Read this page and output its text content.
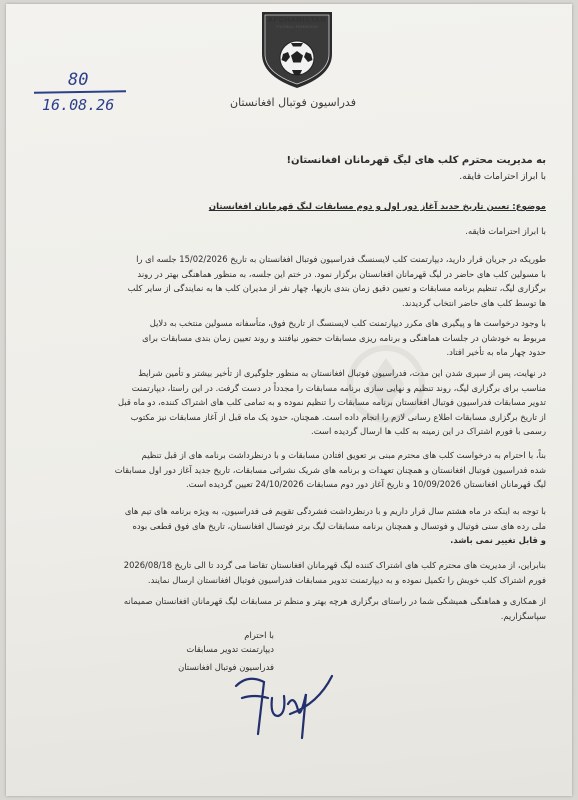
AFGHANISTAN
FOOTBALL FEDERATION
80
16.08.26	فدراسیون فوتبال افغانستان
به مدیریت محترم کلب های لیگ قهرمانان افغانستان!
با ابراز احترامات فایقه.
موضوع: تعیین تاریخ جدید آغاز دور اول و دوم مسابقات لیگ قهرمانان افغانستان
با ابراز احترامات فایقه.
طوریکه در جریان قرار دارید، دیپارتمنت کلب لایسنسگ فدراسیون فوتبال افغانستان به تاریخ 15/02/2026 جلسه ای را
با مسولین کلب های حاضر در لیگ قهرمانان افغانستان برگزار نمود. در ختم این جلسه، به منظور هماهنگی بهتر در روند
برگزاری لیگ، تنظیم برنامه مسابقات و تعیین دقیق زمان بندی بازیها، چهار نفر از مدیران کلب ها به نمایندگی از سایر کلب
ها توسط کلب های حاضر انتخاب گردیدند.
با وجود درخواست ها و پیگیری های مکرر دیپارتمنت کلب لایسنسگ از تاریخ فوق، متأسفانه مسولین منتخب به دلایل
مربوط به خودشان در جلسات هماهنگی و برنامه ریزی مسابقات حضور نیافتند و روند تعیین زمان بندی مسابقات برای
حدود چهار ماه به تأخیر افتاد.
در نهایت، پس از سپری شدن این مدت، فدراسیون فوتبال افغانستان به منظور جلوگیری از تأخیر بیشتر و تأمین شرایط
مناسب برای برگزاری لیگ، روند تنظیم و نهایی سازی برنامه مسابقات را مجدداً در دست گرفت. در این راستا، دیپارتمنت
تدویر مسابقات فدراسیون فوتبال افغانستان برنامه مسابقات را تنظیم نموده و به تمامی کلب های اشتراک کننده، دو ماه قبل
از تاریخ برگزاری مسابقات اطلاع رسانی لازم را انجام داده است. همچنان، حدود یک ماه قبل از آغاز مسابقات نیز مکتوب
رسمی با فورم اشتراک در این زمینه به کلب ها ارسال گردیده است.
بناً، با احترام به درخواست کلب های محترم مبنی بر تعویق افتادن مسابقات و با درنظرداشت برنامه های از قبل تنظیم
شده فدراسیون فوتبال افغانستان و همچنان تعهدات و برنامه های شریک نشراتی مسابقات، تاریخ جدید آغاز دور اول مسابقات
لیگ قهرمانان افغانستان 10/09/2026 و تاریخ آغاز دور دوم مسابقات 24/10/2026 تعیین گردیده است.
با توجه به اینکه در ماه هشتم سال قرار داریم و با درنظرداشت فشردگی تقویم فی فدراسیون، به ویژه برنامه های تیم های
ملی رده های سنی فوتبال و فوتسال و همچنان برنامه مسابقات لیگ برتر فوتسال افغانستان، تاریخ های فوق قطعی بوده
و قابل تغییر نمی باشد.
بنابراین، از مدیریت های محترم کلب های اشتراک کننده لیگ قهرمانان افغانستان تقاضا می گردد تا الی تاریخ 2026/08/18
فورم اشتراک کلب خویش را تکمیل نموده و به دیپارتمنت تدویر مسابقات فدراسیون فوتبال افغانستان ارسال نمایند.
از همکاری و هماهنگی همیشگی شما در راستای برگزاری هرچه بهتر و منظم تر مسابقات لیگ قهرمانان افغانستان صمیمانه
سپاسگزاریم.
با احترام
دیپارتمنت تدویر مسابقات
فدراسیون فوتبال افغانستان
